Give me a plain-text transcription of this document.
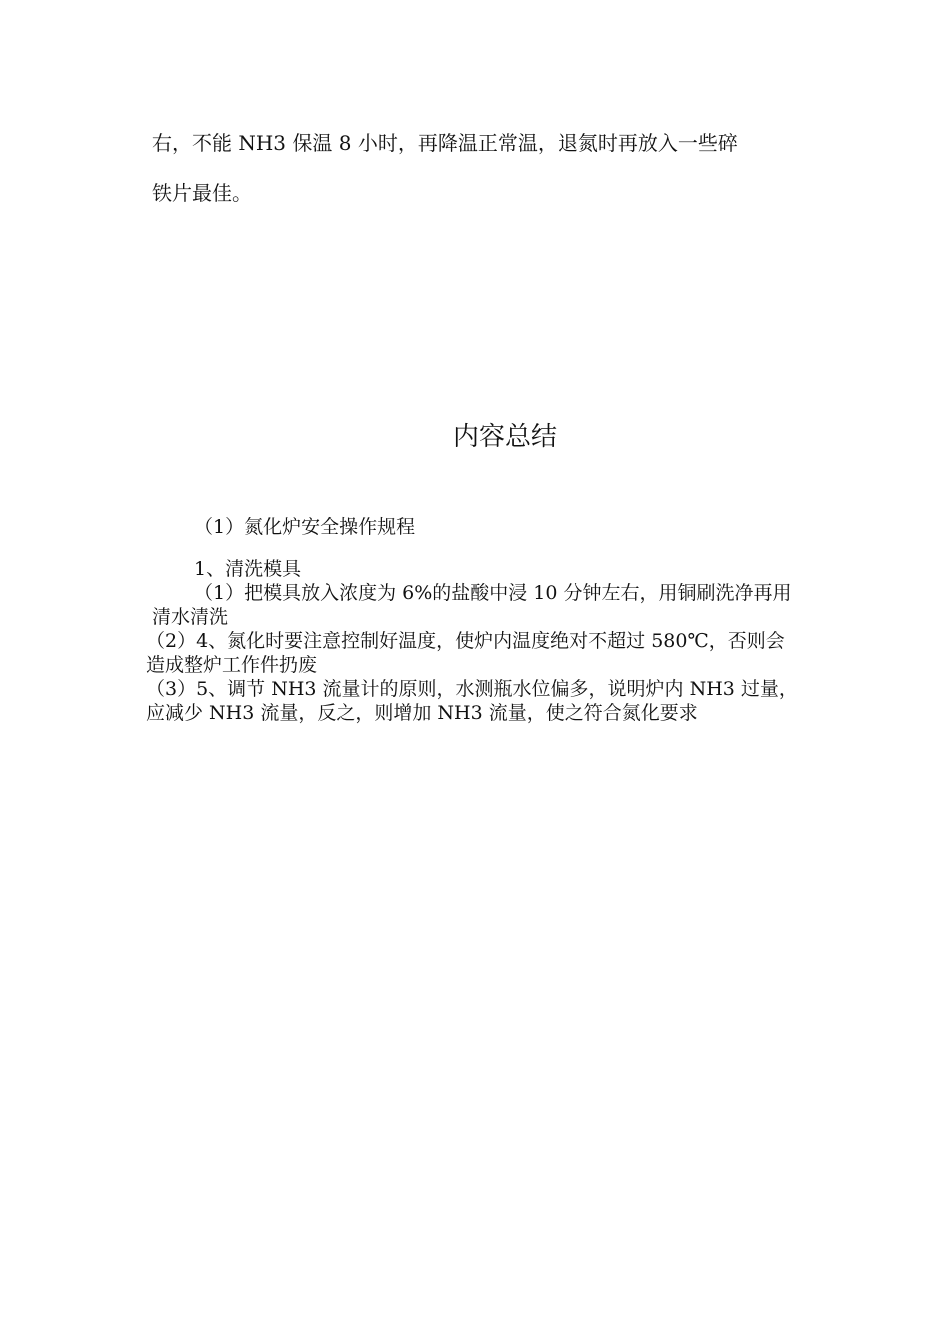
右，不能 NH3 保温 8 小时，再降温正常温，退氮时再放入一些碎
铁片最佳。
内容总结

（1）氮化炉安全操作规程

1、清洗模具

（1）把模具放入浓度为 6%的盐酸中浸 10 分钟左右，用铜刷洗净再用清水清洗

（2）4、氮化时要注意控制好温度，使炉内温度绝对不超过 580℃，否则会造成整炉工作件扔废

（3）5、调节 NH3 流量计的原则，水测瓶水位偏多，说明炉内 NH3 过量，应减少 NH3 流量，反之，则增加 NH3 流量，使之符合氮化要求
